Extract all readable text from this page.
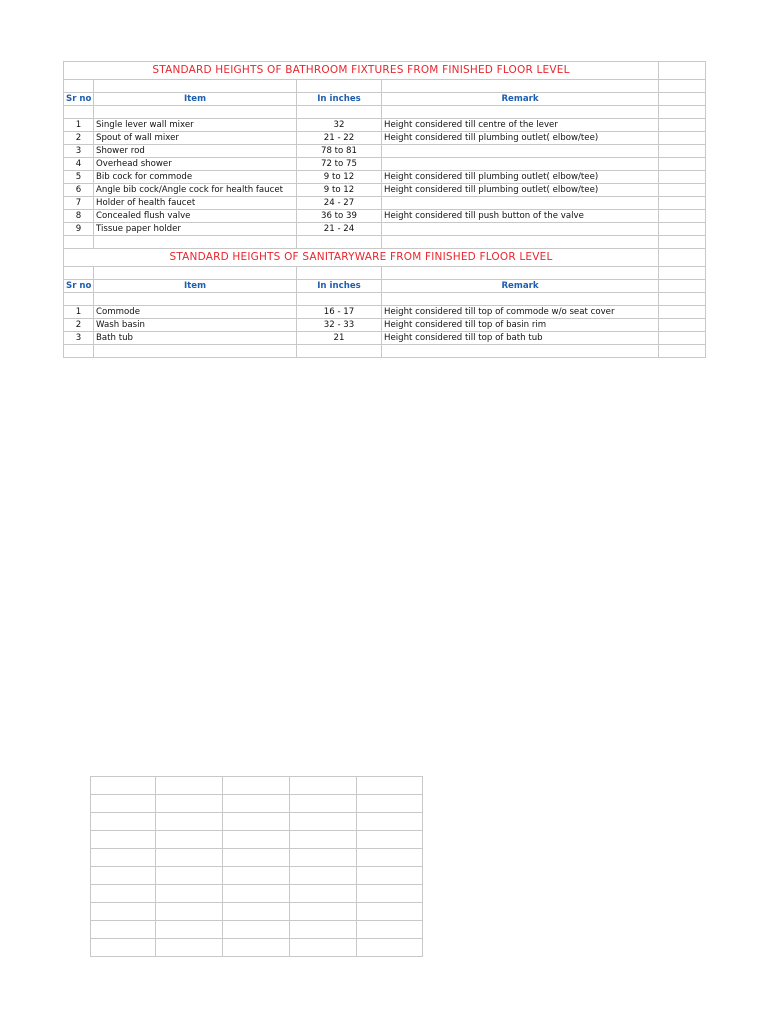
STANDARD HEIGHTS OF BATHROOM FIXTURES FROM FINISHED FLOOR LEVEL				

Sr no	Item	In inches	Remark	

1	Single lever wall mixer	32	Height considered till centre of the lever	
2	Spout of wall mixer	21 - 22	Height considered till plumbing outlet( elbow/tee)	
3	Shower rod	78 to 81		
4	Overhead shower	72 to 75		
5	Bib cock for commode	9 to 12	Height considered till plumbing outlet( elbow/tee)	
6	Angle bib cock/Angle cock for health faucet	9 to 12	Height considered till plumbing outlet( elbow/tee)	
7	Holder of health faucet	24 - 27		
8	Concealed flush valve	36 to 39	Height considered till push button of the valve	
9	Tissue paper holder	21 - 24		

STANDARD HEIGHTS OF SANITARYWARE FROM FINISHED FLOOR LEVEL				

Sr no	Item	In inches	Remark	

1	Commode	16 - 17	Height considered till top of commode w/o seat cover	
2	Wash basin	32 - 33	Height considered till top of basin rim	
3	Bath tub	21	Height considered till top of bath tub	
